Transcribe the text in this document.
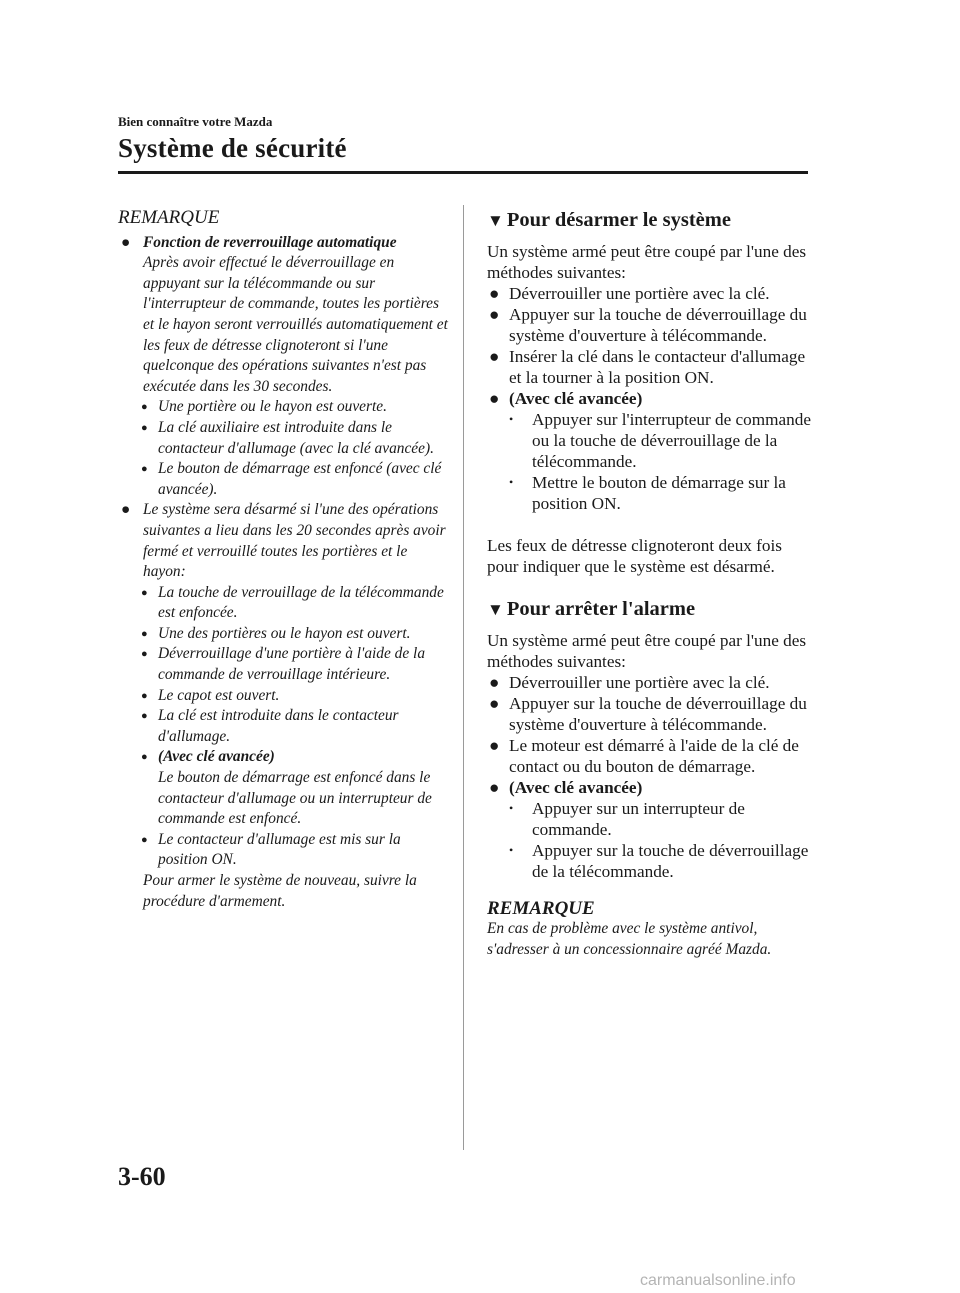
Bien connaître votre Mazda
Système de sécurité
REMARQUE
● Fonction de reverrouillage automatique
Après avoir effectué le déverrouillage en appuyant sur la télécommande ou sur l'interrupteur de commande, toutes les portières et le hayon seront verrouillés automatiquement et les feux de détresse clignoteront si l'une quelconque des opérations suivantes n'est pas exécutée dans les 30 secondes.
● Une portière ou le hayon est ouverte.
● La clé auxiliaire est introduite dans le contacteur d'allumage (avec la clé avancée).
● Le bouton de démarrage est enfoncé (avec clé avancée).
● Le système sera désarmé si l'une des opérations suivantes a lieu dans les 20 secondes après avoir fermé et verrouillé toutes les portières et le hayon:
● La touche de verrouillage de la télécommande est enfoncée.
● Une des portières ou le hayon est ouvert.
● Déverrouillage d'une portière à l'aide de la commande de verrouillage intérieure.
● Le capot est ouvert.
● La clé est introduite dans le contacteur d'allumage.
● (Avec clé avancée)
Le bouton de démarrage est enfoncé dans le contacteur d'allumage ou un interrupteur de commande est enfoncé.
● Le contacteur d'allumage est mis sur la position ON.
Pour armer le système de nouveau, suivre la procédure d'armement.
▼ Pour désarmer le système

Un système armé peut être coupé par l'une des méthodes suivantes:

● Déverrouiller une portière avec la clé.
● Appuyer sur la touche de déverrouillage du système d'ouverture à télécommande.
● Insérer la clé dans le contacteur d'allumage et la tourner à la position ON.
● (Avec clé avancée)
• Appuyer sur l'interrupteur de commande ou la touche de déverrouillage de la télécommande.
• Mettre le bouton de démarrage sur la position ON.

Les feux de détresse clignoteront deux fois pour indiquer que le système est désarmé.

▼ Pour arrêter l'alarme

Un système armé peut être coupé par l'une des méthodes suivantes:

● Déverrouiller une portière avec la clé.
● Appuyer sur la touche de déverrouillage du système d'ouverture à télécommande.
● Le moteur est démarré à l'aide de la clé de contact ou du bouton de démarrage.
● (Avec clé avancée)
• Appuyer sur un interrupteur de commande.
• Appuyer sur la touche de déverrouillage de la télécommande.
REMARQUE
En cas de problème avec le système antivol, s'adresser à un concessionnaire agréé Mazda.
3-60
carmanualsonline.info
